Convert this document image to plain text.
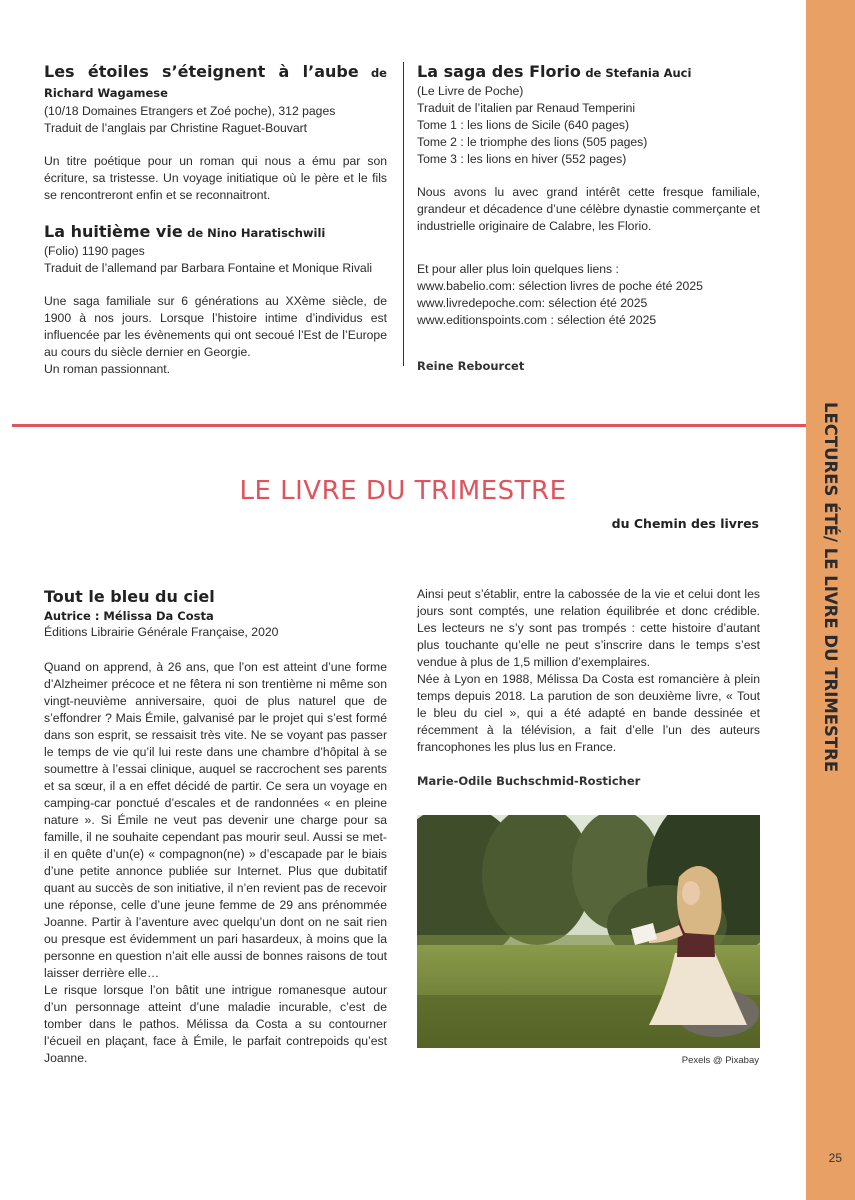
LECTURES ÉTÉ/ LE LIVRE DU TRIMESTRE
25

Les étoiles s’éteignent à l’aube de Richard Wagamese

(10/18 Domaines Etrangers et Zoé poche), 312 pages

Traduit de l’anglais par Christine Raguet-Bouvart

Un titre poétique pour un roman qui nous a ému par son écriture, sa tristesse. Un voyage initiatique où le père et le fils se rencontreront enfin et se reconnaitront.

La huitième vie de Nino Haratischwili

(Folio) 1190 pages

Traduit de l’allemand par Barbara Fontaine et Monique Rivali

Une saga familiale sur 6 générations au XXème siècle, de 1900 à nos jours. Lorsque l’histoire intime d’individus est influencée par les évènements qui ont secoué l’Est de l’Europe au cours du siècle dernier en Georgie.

Un roman passionnant.

La saga des Florio de Stefania Auci

(Le Livre de Poche)

Traduit de l’italien par Renaud Temperini

Tome 1 : les lions de Sicile (640 pages)

Tome 2 : le triomphe des lions (505 pages)

Tome 3 : les lions en hiver (552 pages)

Nous avons lu avec grand intérêt cette fresque familiale, grandeur et décadence d’une célèbre dynastie commerçante et industrielle originaire de Calabre, les Florio.

Et pour aller plus loin quelques liens :

www.babelio.com: sélection livres de poche été 2025

www.livredepoche.com: sélection été 2025

www.editionspoints.com : sélection été 2025

Reine Rebourcet

LE LIVRE DU TRIMESTRE
du Chemin des livres

Tout le bleu du ciel

Autrice : Mélissa Da Costa

Éditions Librairie Générale Française, 2020

Quand on apprend, à 26 ans, que l’on est atteint d’une forme d’Alzheimer précoce et ne fêtera ni son trentième ni même son vingt-neuvième anniversaire, quoi de plus naturel que de s’effondrer ? Mais Émile, galvanisé par le projet qui s’est formé dans son esprit, se ressaisit très vite. Ne se voyant pas passer le temps de vie qu’il lui reste dans une chambre d’hôpital à se soumettre à l’essai clinique, auquel se raccrochent ses parents et sa sœur, il a en effet décidé de partir. Ce sera un voyage en camping-car ponctué d’escales et de randonnées « en pleine nature ». Si Émile ne veut pas devenir une charge pour sa famille, il ne souhaite cependant pas mourir seul. Aussi se met-il en quête d’un(e) « compagnon(ne) » d’escapade par le biais d’une petite annonce publiée sur Internet. Plus que dubitatif quant au succès de son initiative, il n’en revient pas de recevoir une réponse, celle d’une jeune femme de 29 ans prénommée Joanne. Partir à l’aventure avec quelqu’un dont on ne sait rien ou presque est évidemment un pari hasardeux, à moins que la personne en question n’ait elle aussi de bonnes raisons de tout laisser derrière elle…

Le risque lorsque l’on bâtit une intrigue romanesque autour d’un personnage atteint d’une maladie incurable, c’est de tomber dans le pathos. Mélissa da Costa a su contourner l’écueil en plaçant, face à Émile, le parfait contrepoids qu’est Joanne.

Ainsi peut s’établir, entre la cabossée de la vie et celui dont les jours sont comptés, une relation équilibrée et donc crédible. Les lecteurs ne s’y sont pas trompés : cette histoire d’autant plus touchante qu’elle ne peut s’inscrire dans le temps s’est vendue à plus de 1,5 million d’exemplaires.

Née à Lyon en 1988, Mélissa Da Costa est romancière à plein temps depuis 2018. La parution de son deuxième livre, « Tout le bleu du ciel », qui a été adapté en bande dessinée et récemment à la télévision, a fait d’elle l’un des auteurs francophones les plus lus en France.

Marie-Odile Buchschmid-Rosticher

Pexels @ Pixabay
